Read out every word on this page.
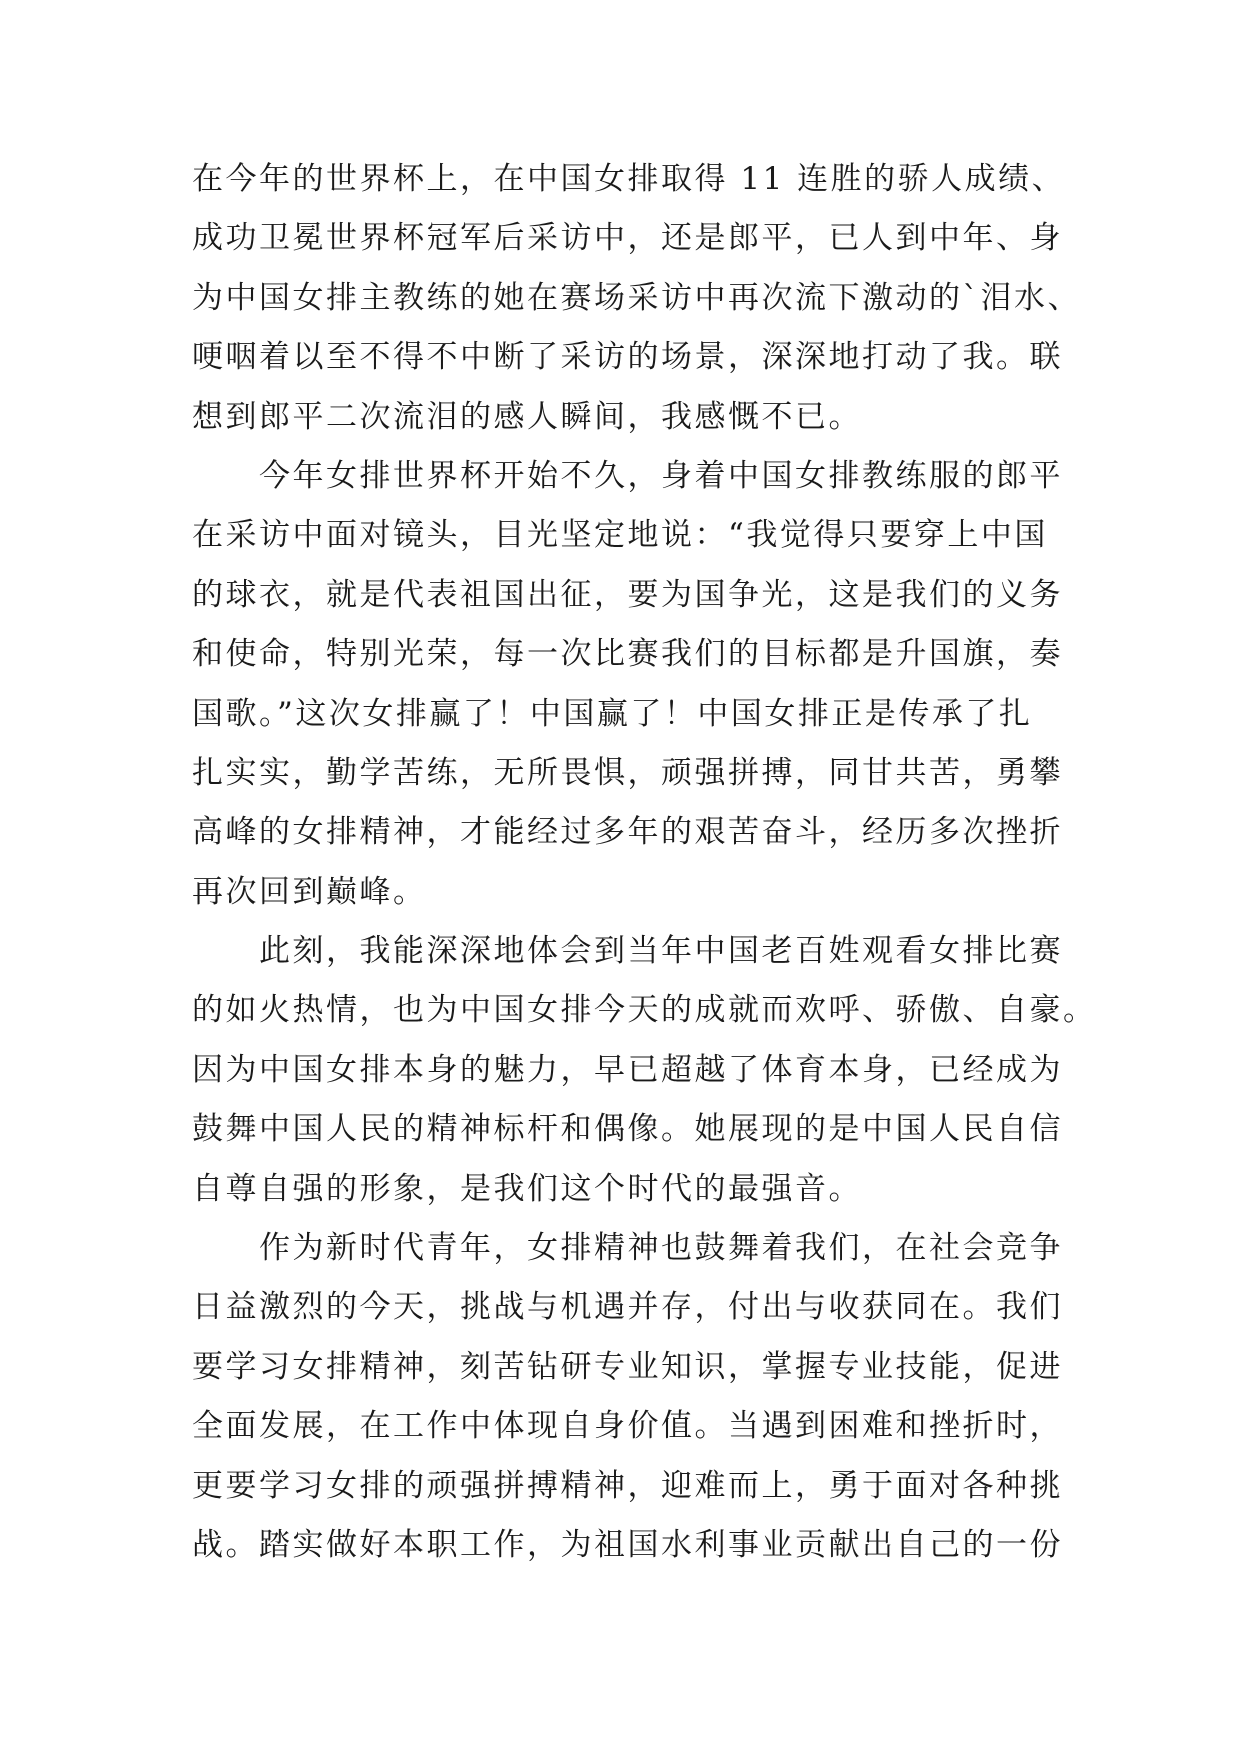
在今年的世界杯上，在中国女排取得 11 连胜的骄人成绩、
成功卫冕世界杯冠军后采访中，还是郎平，已人到中年、身
为中国女排主教练的她在赛场采访中再次流下激动的`泪水、
哽咽着以至不得不中断了采访的场景，深深地打动了我。联
想到郎平二次流泪的感人瞬间，我感慨不已。
　　今年女排世界杯开始不久，身着中国女排教练服的郎平
在采访中面对镜头，目光坚定地说：“我觉得只要穿上中国
的球衣，就是代表祖国出征，要为国争光，这是我们的义务
和使命，特别光荣，每一次比赛我们的目标都是升国旗，奏
国歌。”这次女排赢了！中国赢了！中国女排正是传承了扎
扎实实，勤学苦练，无所畏惧，顽强拼搏，同甘共苦，勇攀
高峰的女排精神，才能经过多年的艰苦奋斗，经历多次挫折
再次回到巅峰。
　　此刻，我能深深地体会到当年中国老百姓观看女排比赛
的如火热情，也为中国女排今天的成就而欢呼、骄傲、自豪。
因为中国女排本身的魅力，早已超越了体育本身，已经成为
鼓舞中国人民的精神标杆和偶像。她展现的是中国人民自信
自尊自强的形象，是我们这个时代的最强音。
　　作为新时代青年，女排精神也鼓舞着我们，在社会竞争
日益激烈的今天，挑战与机遇并存，付出与收获同在。我们
要学习女排精神，刻苦钻研专业知识，掌握专业技能，促进
全面发展，在工作中体现自身价值。当遇到困难和挫折时，
更要学习女排的顽强拼搏精神，迎难而上，勇于面对各种挑
战。踏实做好本职工作，为祖国水利事业贡献出自己的一份
